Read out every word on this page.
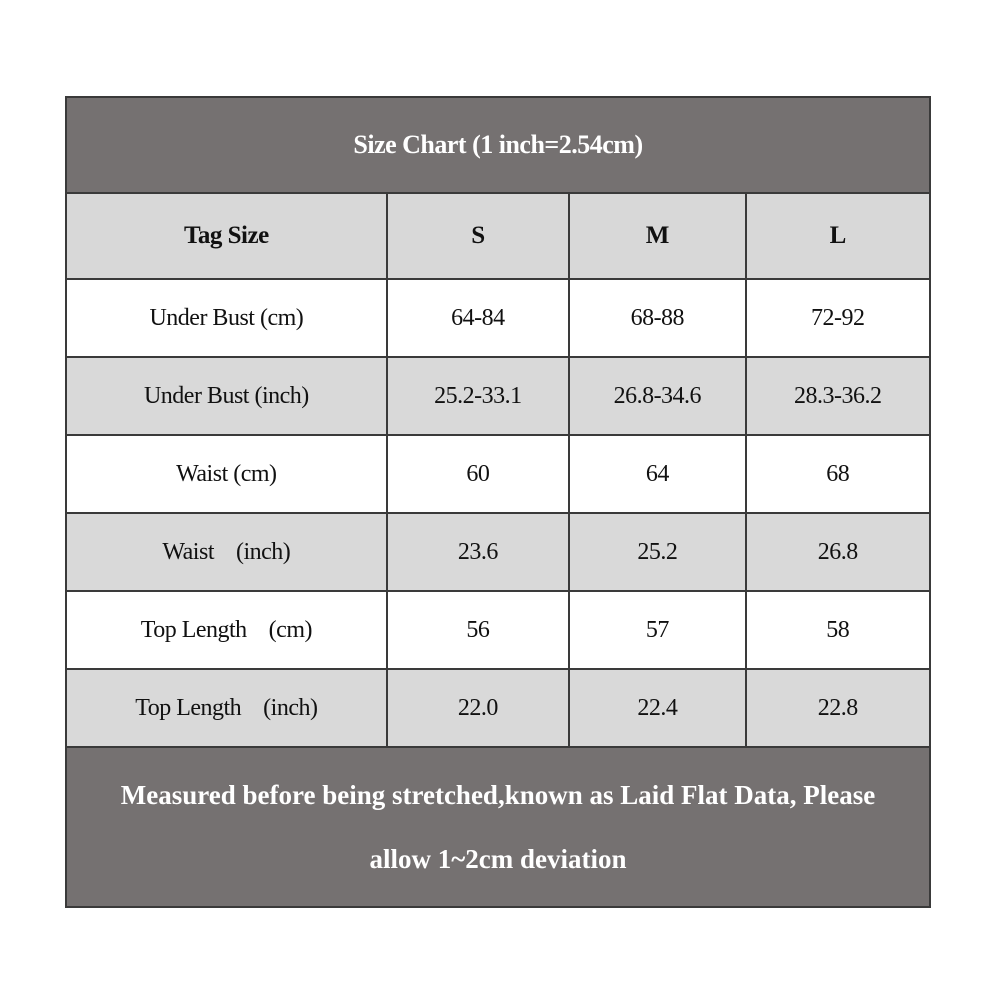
Size Chart (1 inch=2.54cm)			
Tag Size	S	M	L
Under Bust (cm)	64-84	68-88	72-92
Under Bust (inch)	25.2-33.1	26.8-34.6	28.3-36.2
Waist (cm)	60	64	68
Waist    (inch)	23.6	25.2	26.8
Top Length    (cm)	56	57	58
Top Length    (inch)	22.0	22.4	22.8

Measured before being stretched,known as Laid Flat Data, Please
allow 1~2cm deviation			
